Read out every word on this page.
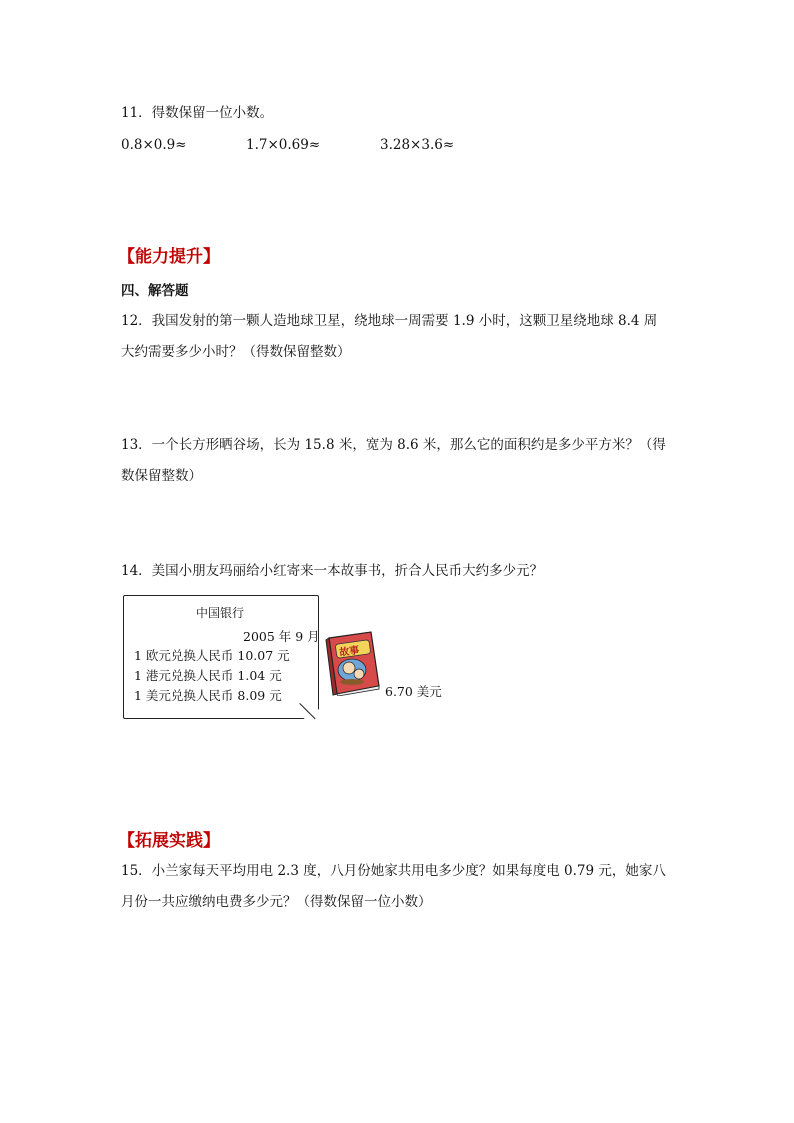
11．得数保留一位小数。
0.8×0.9≈	1.7×0.69≈	3.28×3.6≈
【能力提升】
四、解答题
12．我国发射的第一颗人造地球卫星，绕地球一周需要 1.9 小时，这颗卫星绕地球 8.4 周
大约需要多少小时？（得数保留整数）
13．一个长方形晒谷场，长为 15.8 米，宽为 8.6 米，那么它的面积约是多少平方米？（得
数保留整数）
14．美国小朋友玛丽给小红寄来一本故事书，折合人民币大约多少元？
中国银行
2005 年 9 月
1 欧元兑换人民币 10.07 元
1 港元兑换人民币 1.04 元
1 美元兑换人民币 8.09 元
故事
6.70 美元
【拓展实践】
15．小兰家每天平均用电 2.3 度，八月份她家共用电多少度？如果每度电 0.79 元，她家八
月份一共应缴纳电费多少元？（得数保留一位小数）
